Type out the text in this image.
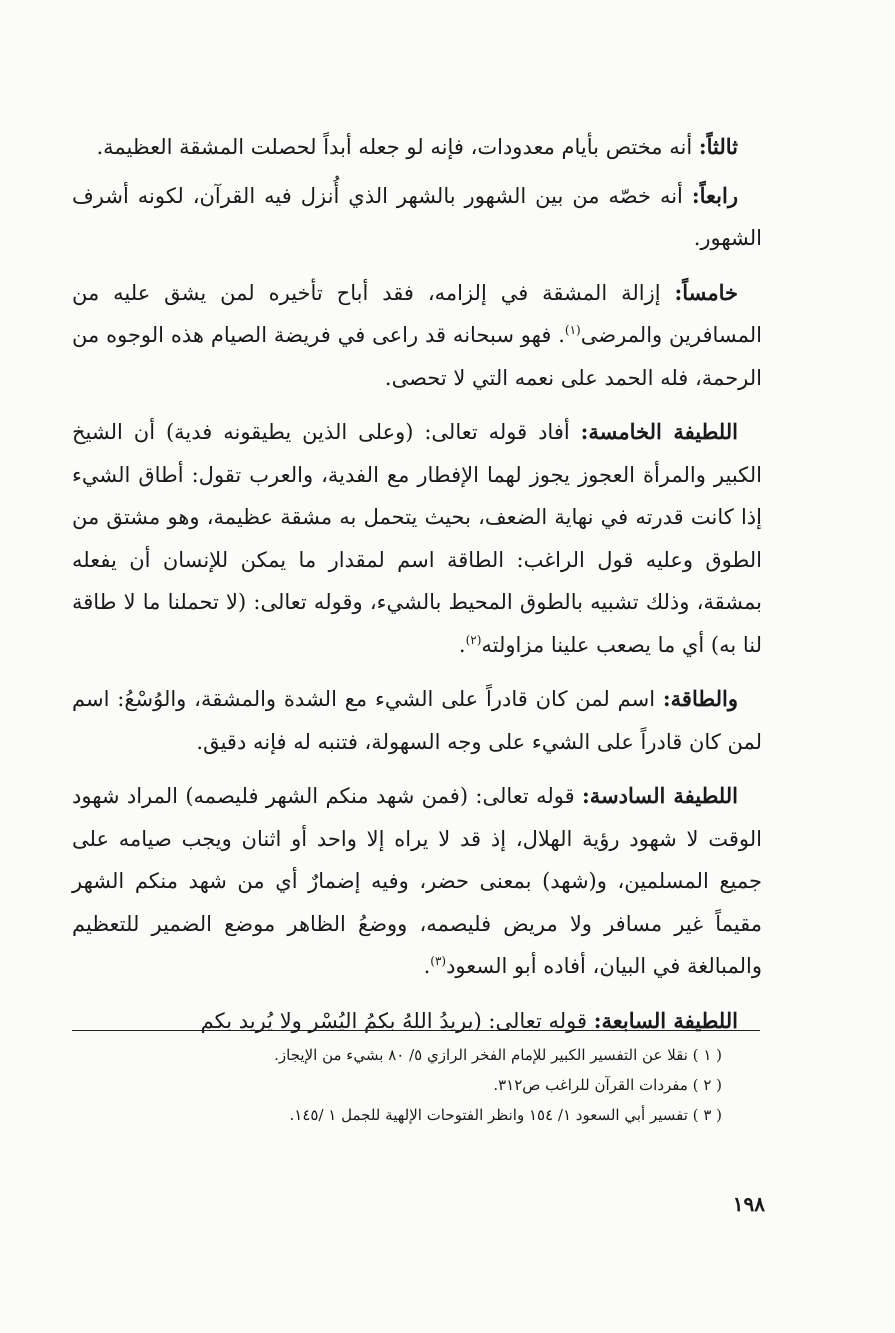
ثالثاً: أنه مختص بأيام معدودات، فإنه لو جعله أبداً لحصلت المشقة العظيمة.

رابعاً: أنه خصّه من بين الشهور بالشهر الذي أُنزل فيه القرآن، لكونه أشرف الشهور.

خامساً: إزالة المشقة في إلزامه، فقد أباح تأخيره لمن يشق عليه من المسافرين والمرضى$^{(١)}$. فهو سبحانه قد راعى في فريضة الصيام هذه الوجوه من الرحمة، فله الحمد على نعمه التي لا تحصى.

اللطيفة الخامسة: أفاد قوله تعالى: (وعلى الذين يطيقونه فدية) أن الشيخ الكبير والمرأة العجوز يجوز لهما الإفطار مع الفدية، والعرب تقول: أطاق الشيء إذا كانت قدرته في نهاية الضعف، بحيث يتحمل به مشقة عظيمة، وهو مشتق من الطوق وعليه قول الراغب: الطاقة اسم لمقدار ما يمكن للإنسان أن يفعله بمشقة، وذلك تشبيه بالطوق المحيط بالشيء، وقوله تعالى: (لا تحملنا ما لا طاقة لنا به) أي ما يصعب علينا مزاولته$^{(٢)}$.

والطاقة: اسم لمن كان قادراً على الشيء مع الشدة والمشقة، والوُسْعُ: اسم لمن كان قادراً على الشيء على وجه السهولة، فتنبه له فإنه دقيق.

اللطيفة السادسة: قوله تعالى: (فمن شهد منكم الشهر فليصمه) المراد شهود الوقت لا شهود رؤية الهلال، إذ قد لا يراه إلا واحد أو اثنان ويجب صيامه على جميع المسلمين، و(شهد) بمعنى حضر، وفيه إضمارٌ أي من شهد منكم الشهر مقيماً غير مسافر ولا مريض فليصمه، ووضعُ الظاهر موضع الضمير للتعظيم والمبالغة في البيان، أفاده أبو السعود$^{(٣)}$.

اللطيفة السابعة: قوله تعالى: (يريدُ اللهُ بكمُ اليُسْر ولا يُريد بكم

( ١ ) نقلا عن التفسير الكبير للإمام الفخر الرازي ٥/ ٨٠ بشيء من الإيجاز.
( ٢ ) مفردات القرآن للراغب ص٣١٢.
( ٣ ) تفسير أبي السعود ١/ ١٥٤ وانظر الفتوحات الإلهية للجمل ١ /١٤٥.
١٩٨
